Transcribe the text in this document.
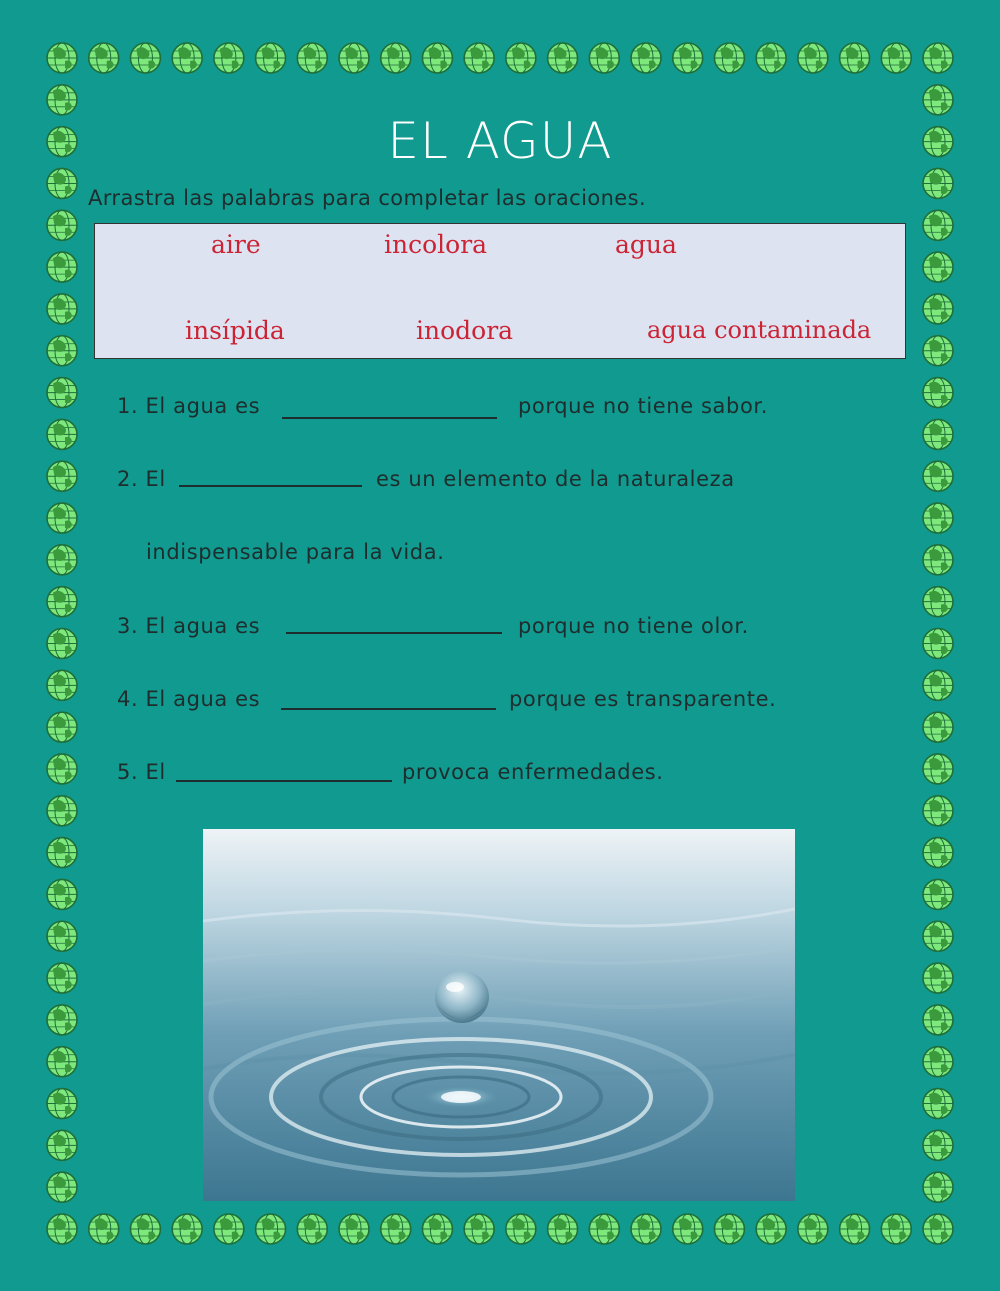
EL AGUA
Arrastra las palabras para completar las oraciones.
aire	incolora	agua
insípida	inodora	agua contaminada
1. El agua es	porque no tiene sabor.
2. El	es un elemento de la naturaleza
indispensable para la vida.
3. El agua es	porque no tiene olor.
4. El agua es	porque es transparente.
5. El	provoca enfermedades.
